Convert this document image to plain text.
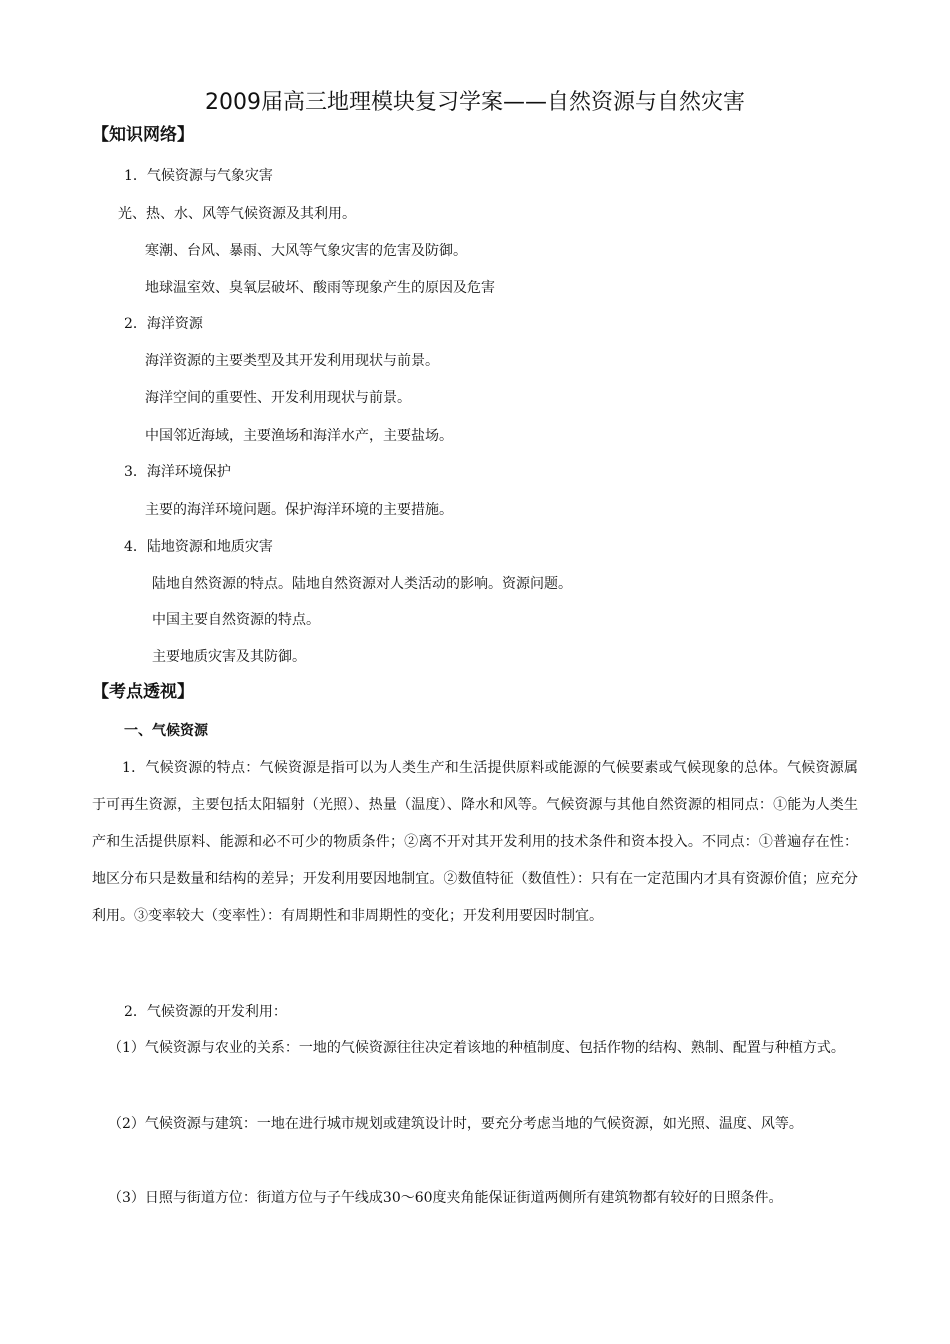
2009届高三地理模块复习学案——自然资源与自然灾害
【知识网络】
1．气候资源与气象灾害
光、热、水、风等气候资源及其利用。
寒潮、台风、暴雨、大风等气象灾害的危害及防御。
地球温室效、臭氧层破坏、酸雨等现象产生的原因及危害
2．海洋资源
海洋资源的主要类型及其开发利用现状与前景。
海洋空间的重要性、开发利用现状与前景。
中国邻近海域，主要渔场和海洋水产，主要盐场。
3．海洋环境保护
主要的海洋环境问题。保护海洋环境的主要措施。
4．陆地资源和地质灾害
陆地自然资源的特点。陆地自然资源对人类活动的影响。资源问题。
中国主要自然资源的特点。
主要地质灾害及其防御。
【考点透视】
一、气候资源
1．气候资源的特点：气候资源是指可以为人类生产和生活提供原料或能源的气候要素或气候现象的总体。气候资源属于可再生资源，主要包括太阳辐射（光照）、热量（温度）、降水和风等。气候资源与其他自然资源的相同点：①能为人类生产和生活提供原料、能源和必不可少的物质条件；②离不开对其开发利用的技术条件和资本投入。不同点：①普遍存在性：地区分布只是数量和结构的差异；开发利用要因地制宜。②数值特征（数值性）：只有在一定范围内才具有资源价值；应充分利用。③变率较大（变率性）：有周期性和非周期性的变化；开发利用要因时制宜。
2．气候资源的开发利用：
（1）气候资源与农业的关系：一地的气候资源往往决定着该地的种植制度、包括作物的结构、熟制、配置与种植方式。
（2）气候资源与建筑：一地在进行城市规划或建筑设计时，要充分考虑当地的气候资源，如光照、温度、风等。
（3）日照与街道方位：街道方位与子午线成30～60度夹角能保证街道两侧所有建筑物都有较好的日照条件。
